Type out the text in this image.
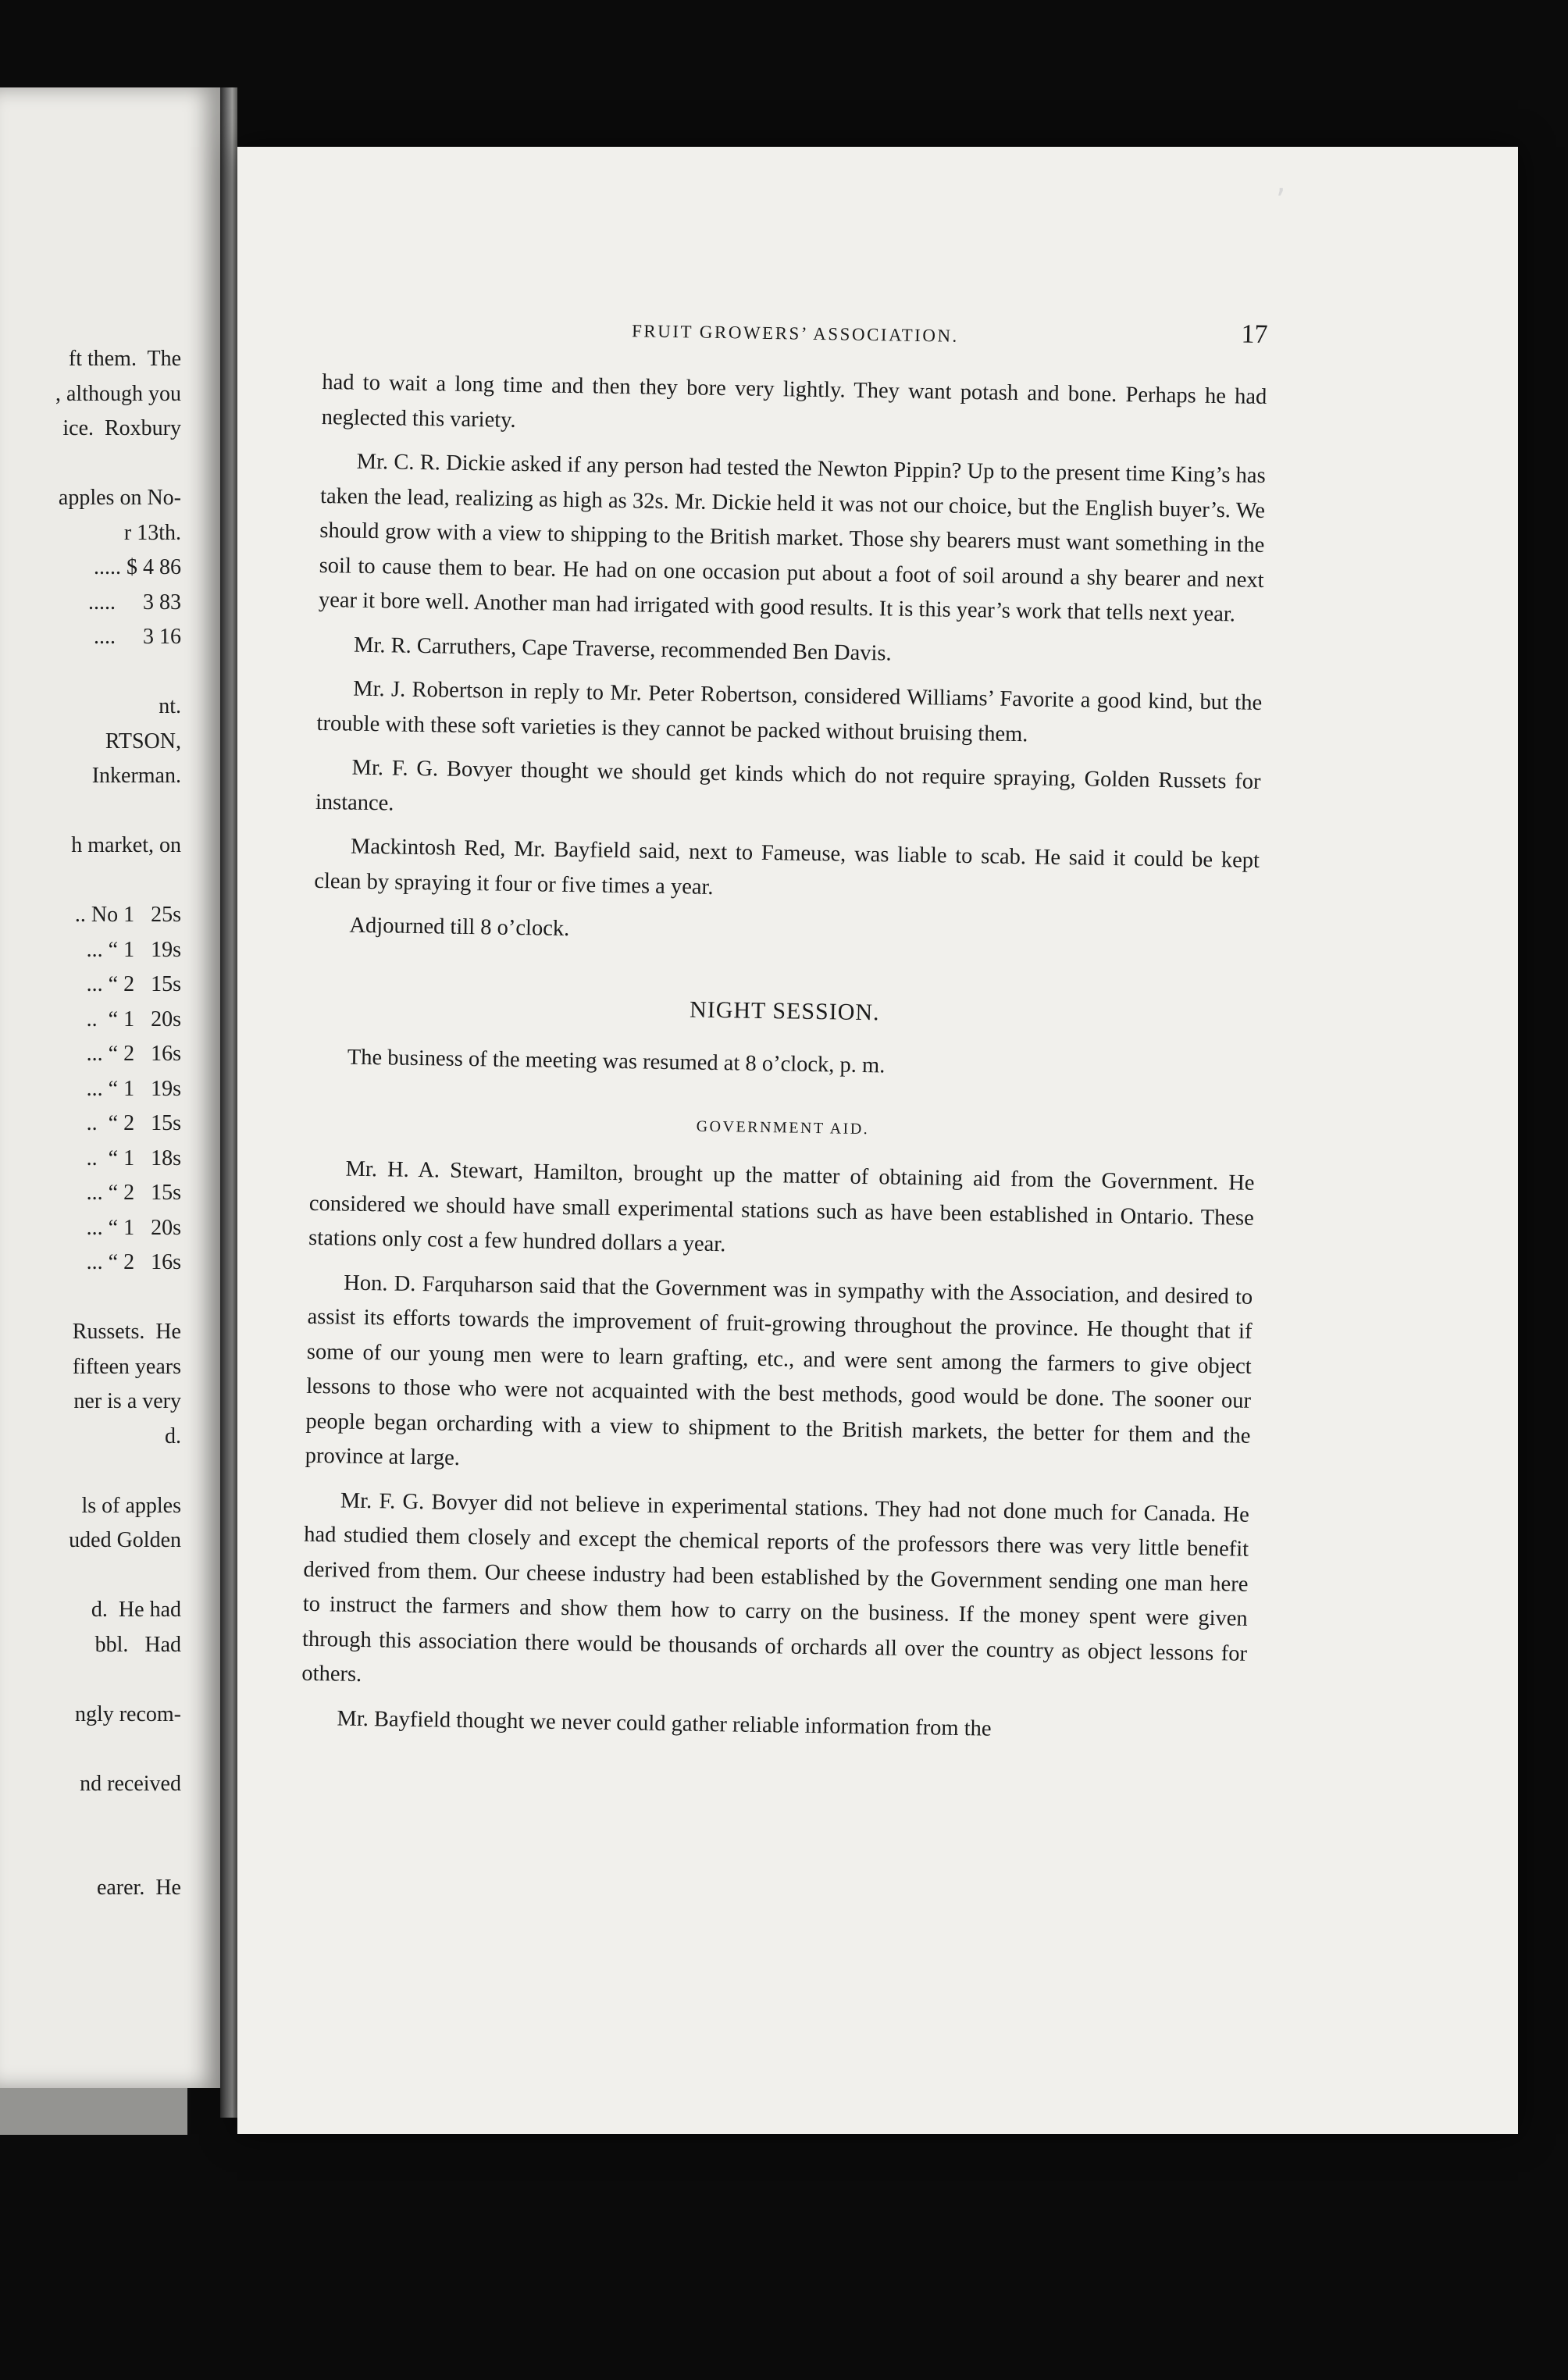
ft them.  The
, although you
ice.  Roxbury
apples on No-
r 13th.
..... $ 4 86
.....     3 83
....     3 16
nt.
RTSON,
Inkerman.
h market, on
.. No 1   25s
... “ 1   19s
... “ 2   15s
..  “ 1   20s
... “ 2   16s
... “ 1   19s
..  “ 2   15s
..  “ 1   18s
... “ 2   15s
... “ 1   20s
... “ 2   16s
Russets.  He
fifteen years
ner is a very
d.
ls of apples
uded Golden
d.  He had
bbl.   Had
ngly recom-
nd received
earer.  He
,
FRUIT GROWERS’ ASSOCIATION.	17

had to wait a long time and then they bore very lightly. They want potash and bone. Perhaps he had neglected this variety.

Mr. C. R. Dickie asked if any person had tested the Newton Pippin? Up to the present time King’s has taken the lead, realizing as high as 32s. Mr. Dickie held it was not our choice, but the English buyer’s. We should grow with a view to shipping to the British market. Those shy bearers must want something in the soil to cause them to bear. He had on one occasion put about a foot of soil around a shy bearer and next year it bore well. Another man had irrigated with good results. It is this year’s work that tells next year.

Mr. R. Carruthers, Cape Traverse, recommended Ben Davis.

Mr. J. Robertson in reply to Mr. Peter Robertson, considered Williams’ Favorite a good kind, but the trouble with these soft varieties is they cannot be packed without bruising them.

Mr. F. G. Bovyer thought we should get kinds which do not require spraying, Golden Russets for instance.

Mackintosh Red, Mr. Bayfield said, next to Fameuse, was liable to scab. He said it could be kept clean by spraying it four or five times a year.

Adjourned till 8 o’clock.

NIGHT SESSION.

The business of the meeting was resumed at 8 o’clock, p. m.

GOVERNMENT AID.

Mr. H. A. Stewart, Hamilton, brought up the matter of obtaining aid from the Government. He considered we should have small experimental stations such as have been established in Ontario. These stations only cost a few hundred dollars a year.

Hon. D. Farquharson said that the Government was in sympathy with the Association, and desired to assist its efforts towards the improvement of fruit-growing throughout the province. He thought that if some of our young men were to learn grafting, etc., and were sent among the farmers to give object lessons to those who were not acquainted with the best methods, good would be done. The sooner our people began orcharding with a view to shipment to the British markets, the better for them and the province at large.

Mr. F. G. Bovyer did not believe in experimental stations. They had not done much for Canada. He had studied them closely and except the chemical reports of the professors there was very little benefit derived from them. Our cheese industry had been established by the Government sending one man here to instruct the farmers and show them how to carry on the business. If the money spent were given through this association there would be thousands of orchards all over the country as object lessons for others.

Mr. Bayfield thought we never could gather reliable information from the
